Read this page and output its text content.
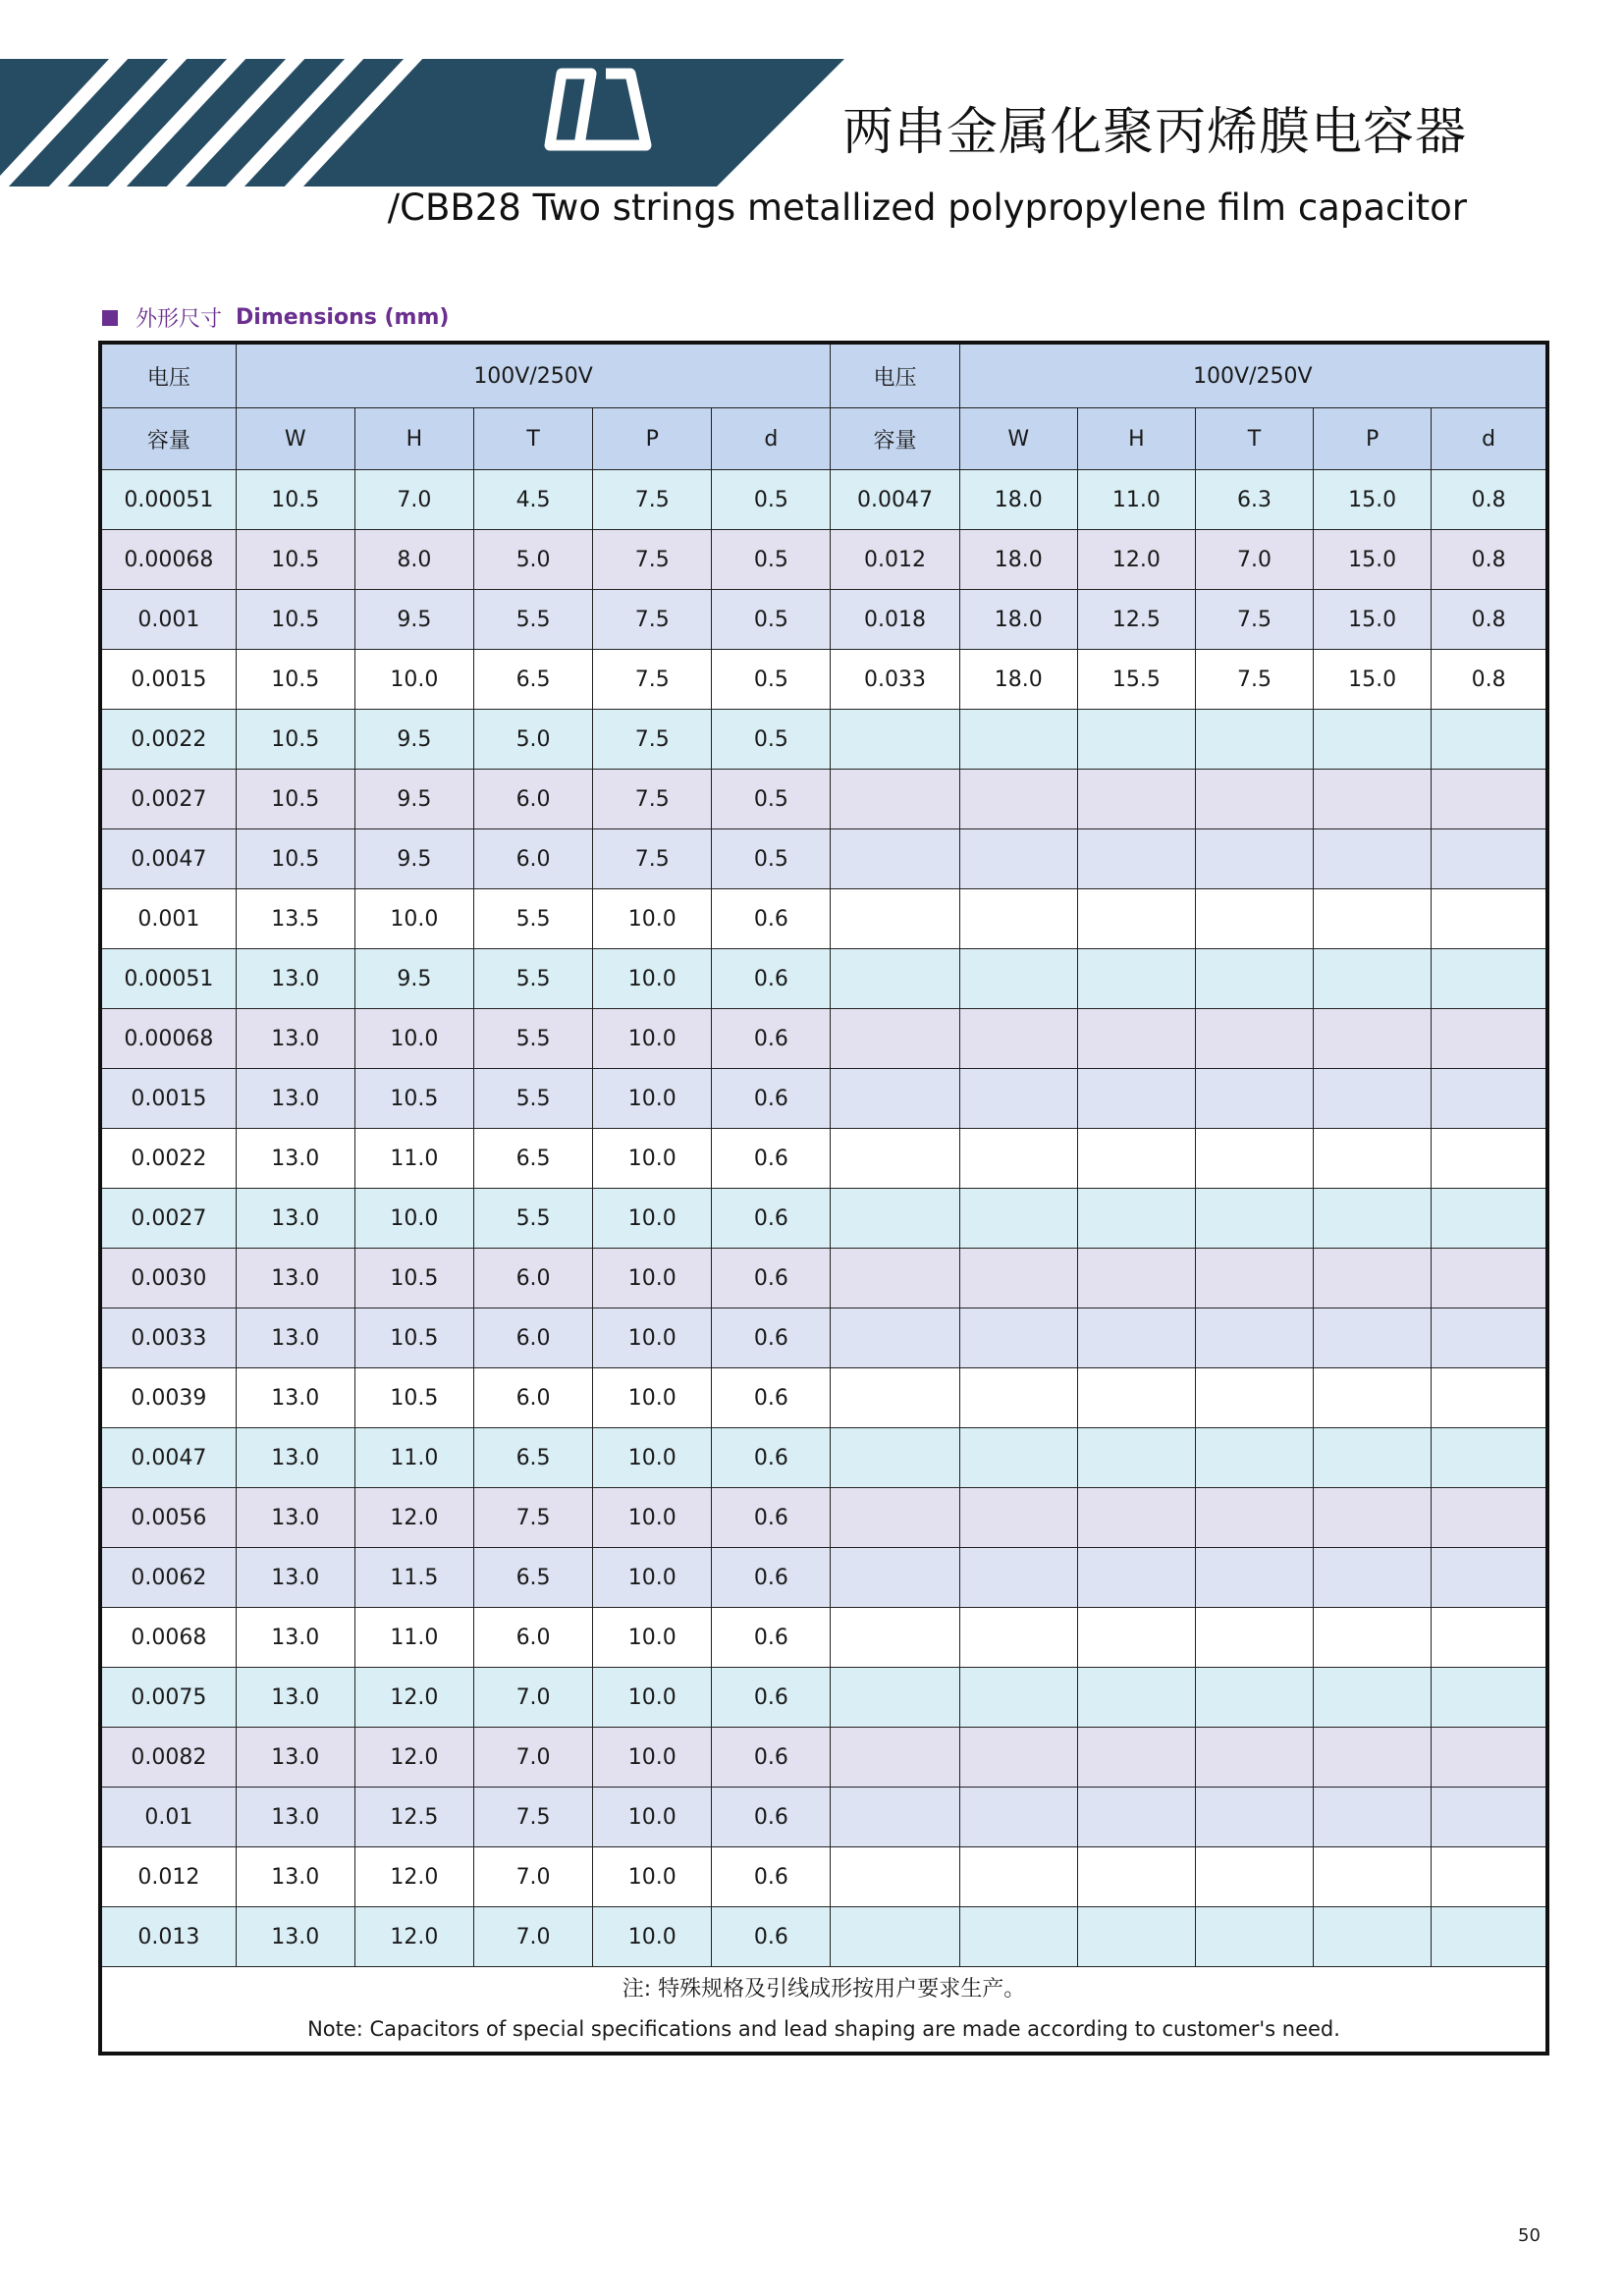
两串金属化聚丙烯膜电容器
/CBB28 Two strings metallized polypropylene film capacitor
外形尺寸 Dimensions (mm)
电压	100V/250V					电压	100V/250V				
容量	W	H	T	P	d	容量	W	H	T	P	d
0.00051	10.5	7.0	4.5	7.5	0.5	0.0047	18.0	11.0	6.3	15.0	0.8
0.00068	10.5	8.0	5.0	7.5	0.5	0.012	18.0	12.0	7.0	15.0	0.8
0.001	10.5	9.5	5.5	7.5	0.5	0.018	18.0	12.5	7.5	15.0	0.8
0.0015	10.5	10.0	6.5	7.5	0.5	0.033	18.0	15.5	7.5	15.0	0.8
0.0022	10.5	9.5	5.0	7.5	0.5						
0.0027	10.5	9.5	6.0	7.5	0.5						
0.0047	10.5	9.5	6.0	7.5	0.5						
0.001	13.5	10.0	5.5	10.0	0.6						
0.00051	13.0	9.5	5.5	10.0	0.6						
0.00068	13.0	10.0	5.5	10.0	0.6						
0.0015	13.0	10.5	5.5	10.0	0.6						
0.0022	13.0	11.0	6.5	10.0	0.6						
0.0027	13.0	10.0	5.5	10.0	0.6						
0.0030	13.0	10.5	6.0	10.0	0.6						
0.0033	13.0	10.5	6.0	10.0	0.6						
0.0039	13.0	10.5	6.0	10.0	0.6						
0.0047	13.0	11.0	6.5	10.0	0.6						
0.0056	13.0	12.0	7.5	10.0	0.6						
0.0062	13.0	11.5	6.5	10.0	0.6						
0.0068	13.0	11.0	6.0	10.0	0.6						
0.0075	13.0	12.0	7.0	10.0	0.6						
0.0082	13.0	12.0	7.0	10.0	0.6						
0.01	13.0	12.5	7.5	10.0	0.6						
0.012	13.0	12.0	7.0	10.0	0.6						
0.013	13.0	12.0	7.0	10.0	0.6						

注: 特殊规格及引线成形按用户要求生产。
Note: Capacitors of special specifications and lead shaping are made according to customer's need.											
50
